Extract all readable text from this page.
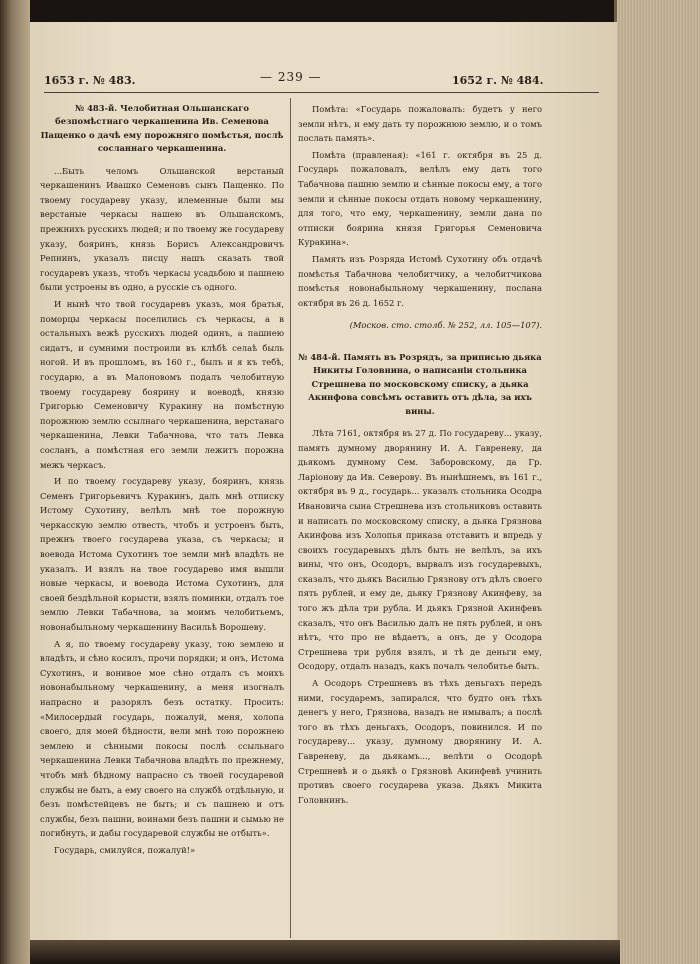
1653 г. № 483.	— 239 —	1652 г. № 484.

№ 483-й. Челобитная Ольшанскаго безпомѣстнаго черкашенина Ив. Семенова Пащенко о дачѣ ему порожняго помѣстья, послѣ сосланнаго черкашенина.

...Быть челомъ Ольшанской верстаный черкашенинъ Ивашко Семеновъ сынъ Пащенко. По твоему государеву указу, илеменные были мы верстаные черкасы нашею въ Ольшанскомъ, прежнихъ русскихъ людей; и по твоему же государеву указу, бояринъ, князь Борисъ Александровичъ Репнинъ, указалъ писцу нашъ сказать твой государевъ указъ, чтобъ черкасы усадьбою и пашнею были устроены въ одно, а русскіе съ одного.

И нынѣ что твой государевъ указъ, моя братья, поморцы черкасы поселились съ черкасы, а в остальныхъ вежѣ русскихъ людей одинъ, а пашнею сидатъ, и сумними построили въ клѣбѣ селаѣ быль ногой. И въ прошломъ, въ 160 г., былъ и я къ тебѣ, государю, а въ Малоновомъ подалъ челобитную твоему государеву боярину и воеводѣ, князю Григорью Семеновичу Куракину на помѣстную порожнюю землю ссылнаго черкашенина, верстанаго черкашенина, Левки Табачнова, что тать Левка сосланъ, а помѣстная его земли лежитъ порожна межъ черкасъ.

И по твоему государеву указу, бояринъ, князь Семенъ Григорьевичъ Куракинъ, далъ мнѣ отписку Истому Сухотину, велѣлъ мнѣ тое порожную черкасскую землю отвесть, чтобъ и устроенъ быть, прежнъ твоего государева указа, съ черкасы; и воевода Истома Сухотинъ тое земли мнѣ владѣть не указалъ. И взялъ на твое государево имя вышли новые черкасы, и воевода Истома Сухотинъ, для своей бездѣльной корысти, взялъ поминки, отдалъ тое землю Левки Табачнова, за моимъ челобитьемъ, новонабыльному черкашенину Васильѣ Ворошеву.

А я, по твоему государеву указу, тою землею и владѣть, и сѣно косилъ, прочи порядки; и онъ, Истома Сухотинъ, и вонивое мое сѣно отдалъ съ моихъ новонабыльному черкашенину, а меня изогналъ напрасно и разорялъ безъ остатку. Просить: «Милосердый государь, пожалуй, меня, холопа своего, для моей бѣдности, вели мнѣ тою порожнею землею и сѣнными покосы послѣ ссыльнаго черкашенина Левки Табачнова владѣть по прежнему, чтобъ мнѣ бѣдному напрасно съ твоей государевой службы не быть, а ему своего на службѣ отдѣльную, и безъ помѣстейцевъ не быть; и съ пашнею и отъ службы, безъ пашни, воинами безъ пашни и сымью не погибнуть, и дабы государевой службы не отбыть».

Государь, смилуйся, пожалуй!»

Помѣта: «Государь пожаловалъ: будетъ у него земли нѣтъ, и ему дать ту порожнюю землю, и о томъ послать память».

Помѣта (правленая): «161 г. октября въ 25 д. Государь пожаловалъ, велѣлъ ему дать того Табачнова пашню землю и сѣнные покосы ему, а того земли и сѣнные покосы отдать новому черкашенину, для того, что ему, черкашенину, земли дана по отписки боярина князя Григорья Семеновича Куракина».

Память изъ Розряда Истомѣ Сухотину объ отдачѣ помѣстья Табачнова челобитчику, а челобитчикова помѣстья новонабыльному черкашенину, послана октября въ 26 д. 1652 г.

(Москов. сто. столб. № 252, лл. 105—107).

№ 484-й. Память въ Розрядъ, за приписью дьяка Никиты Головнина, о написаніи стольника Стрешнева по московскому списку, а дьяка Акинфова совсѣмъ оставить отъ дѣла, за ихъ вины.

Лѣта 7161, октября въ 27 д. По государеву... указу, память думному дворянину И. А. Гавреневу, да дьякомъ думному Сем. Заборовскому, да Гр. Ларіонову да Ив. Северову. Въ нынѣшнемъ, въ 161 г., октября въ 9 д., государь... указалъ стольника Осодра Ивановича сына Стрешнева изъ стольниковъ оставить и написать по московскому списку, а дьяка Грязнова Акинфова изъ Холопья приказа отставить и впредь у своихъ государевыхъ дѣлъ быть не велѣлъ, за ихъ вины, что онъ, Осодоръ, вырвалъ изъ государевыхъ, сказалъ, что дьякъ Василью Грязнову отъ дѣлъ своего пять рублей, и ему де, дьяку Грязнову Акинфеву, за того жъ дѣла три рубла. И дьякъ Грязной Акинфевъ сказалъ, что онъ Василью далъ не пять рублей, и онъ нѣтъ, что про не вѣдаетъ, а онъ, де у Осодора Стрешнева три рубля взялъ, и тѣ де деньги ему, Осодору, отдалъ назадъ, какъ почалъ челобитье быть.

А Осодоръ Стрешневъ въ тѣхъ деньгахъ передъ ними, государемъ, запирался, что будто онъ тѣхъ денегъ у него, Грязнова, назадъ не имывалъ; а послѣ того въ тѣхъ деньгахъ, Осодоръ, повинился. И по государеву... указу, думному дворянину И. А. Гавреневу, да дьякамъ..., велѣти о Осодорѣ Стрешневѣ и о дьякѣ о Грязновѣ Акинфевѣ учинить противъ своего государева указа. Дьякъ Микита Головнинъ.
